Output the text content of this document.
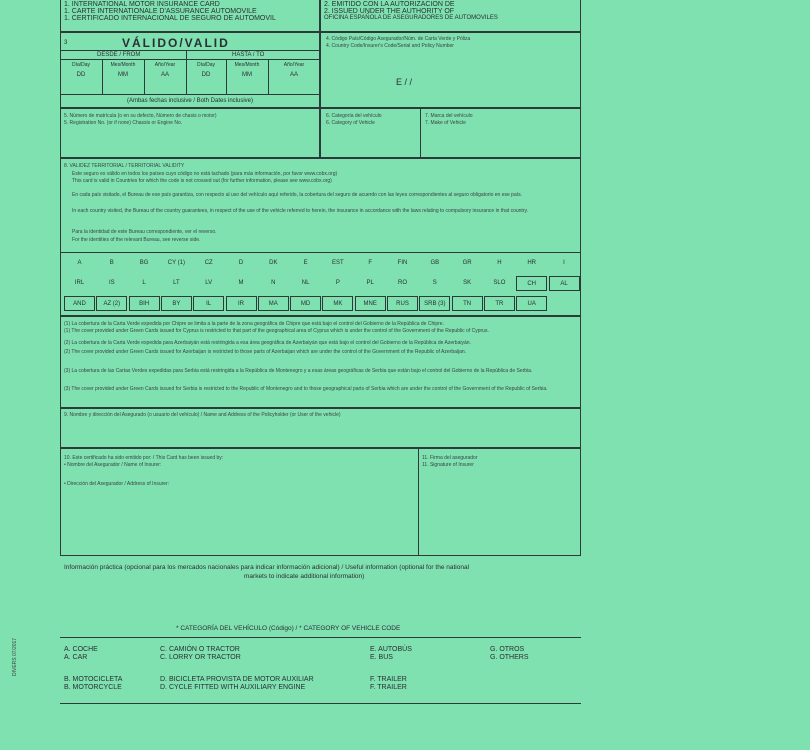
1. INTERNATIONAL MOTOR INSURANCE CARD
1. CARTE INTERNATIONALE D'ASSURANCE AUTOMOVILE
1. CERTIFICADO INTERNACIONAL DE SEGURO DE AUTOMOVIL
2. EMITIDO CON LA AUTORIZACION DE
2. ISSUED UNDER THE AUTHORITY OF
OFICINA ESPAÑOLA DE ASEGURADORES DE AUTOMOVILES
3	VÁLIDO/VALID
DESDE / FROM	HASTA / TO
Día/Day	Mes/Month	Año/Year	Día/Day	Mes/Month	Año/Year
DD	MM	AA	DD	MM	AA
(Ambas fechas inclusive / Both Dates inclusive)
4. Código País/Código Asegurador/Núm. de Carta Verde y Póliza
4. Country Code/Insurer's Code/Serial and Policy Number
E / /
5. Número de matrícula (o en su defecto, Número de chasis o motor)
5. Registration No. (or if none) Chassis or Engine No.
6. Categoría del vehículo
6. Category of Vehicle
7. Marca del vehículo
7. Make of Vehicle
8. VALIDEZ TERRITORIAL / TERRITORIAL VALIDITY
Este seguro es válido en todos los países cuyo código no está tachado (para más información, por favor www.cobx.org)
This card is valid in Countries for which the code is not crossed out (for further information, please see www.cobx.org)
En cada país visitado, el Bureau de ese país garantiza, con respecto al uso del vehículo aquí referido, la cobertura del seguro de acuerdo con las leyes correspondientes al seguro obligatorio en ese país.
In each country visited, the Bureau of the country guarantees, in respect of the use of the vehicle referred to herein, the insurance in accordance with the laws relating to compulsory insurance in that country.
Para la identidad de este Bureau correspondiente, ver el reverso.
For the identities of the relevant Bureau, see reverse side.
A	B	BG	CY (1)	CZ	D	DK	E	EST	F	FIN	GB	GR	H	HR	I
IRL	IS	L	LT	LV	M	N	NL	P	PL	RO	S	SK	SLO	CH	AL
AND	AZ (2)	BIH	BY	IL	IR	MA	MD	MK	MNE	RUS	SRB (3)	TN	TR	UA
(1) La cobertura de la Carta Verde expedida por Chipre se limita a la parte de la zona geográfica de Chipre que está bajo el control del Gobierno de la República de Chipre.
(1) The cover provided under Green Cards issued for Cyprus is restricted to that part of the geographical area of Cyprus which is under the control of the Government of the Republic of Cyprus.
(2) La cobertura de la Carta Verde expedida para Azerbaiyán está restringida a esa área geográfica de Azerbaiyán que está bajo el control del Gobierno de la República de Azerbaiyán.
(2) The cover provided under Green Cards issued for Azerbaijan is restricted to those parts of Azerbaijan which are under the control of the Government of the Republic of Azerbaijan.
(3) La cobertura de las Cartas Verdes expedidas para Serbia está restringida a la República de Montenegro y a esas áreas geográficas de Serbia que están bajo el control del Gobierno de la República de Serbia.
(3) The cover provided under Green Cards issued for Serbia is restricted to the Republic of Montenegro and to those geographical parts of Serbia which are under the control of the Government of the Republic of Serbia.
9. Nombre y dirección del Asegurado (o usuario del vehículo) / Name and Address of the Policyholder (or User of the vehicle)
10. Este certificado ha sido emitido por: / This Card has been issued by:
• Nombre del Asegurador / Name of Insurer:
• Dirección del Asegurador / Address of Insurer:
11. Firma del asegurador
11. Signature of Insurer
Información práctica (opcional para los mercados nacionales para indicar información adicional) / Useful information (optional for the national
markets to indicate additional information)
* CATEGORÍA DEL VEHÍCULO (Código) / * CATEGORY OF VEHICLE CODE
A. COCHE
A. CAR
C. CAMIÓN O TRACTOR
C. LORRY OR TRACTOR
E. AUTOBÚS
E. BUS
G. OTROS
G. OTHERS
B. MOTOCICLETA
B. MOTORCYCLE
D. BICICLETA PROVISTA DE MOTOR AUXILIAR
D. CYCLE FITTED WITH AUXILIARY ENGINE
F. TRAILER
F. TRAILER
DIVERS 07/2017
